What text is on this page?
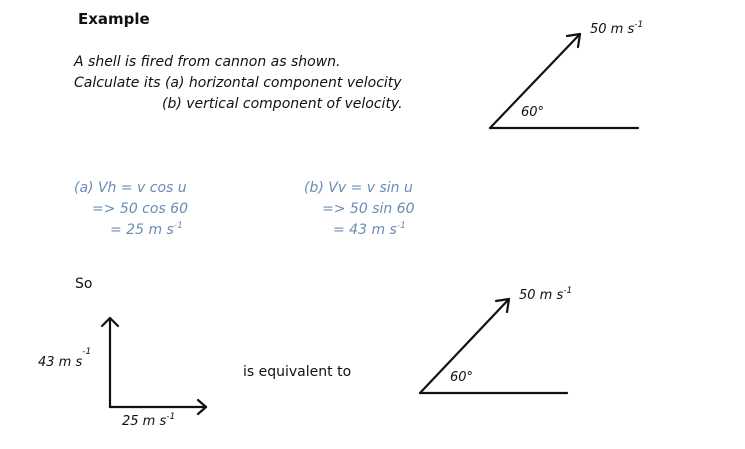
Example
A shell is fired from cannon as shown.
Calculate its (a) horizontal component velocity
(b) vertical component of velocity.
50 m $s^{-1}$
60°
(a) Vh = v cos u
=> 50 cos 60
= 25 m $s^{-1}$
(b) Vv = v sin u
=> 50 sin 60
= 43 m $s^{-1}$
So
43 m $s^{-1}$
25 m $s^{-1}$
is equivalent to
50 m $s^{-1}$
60°
